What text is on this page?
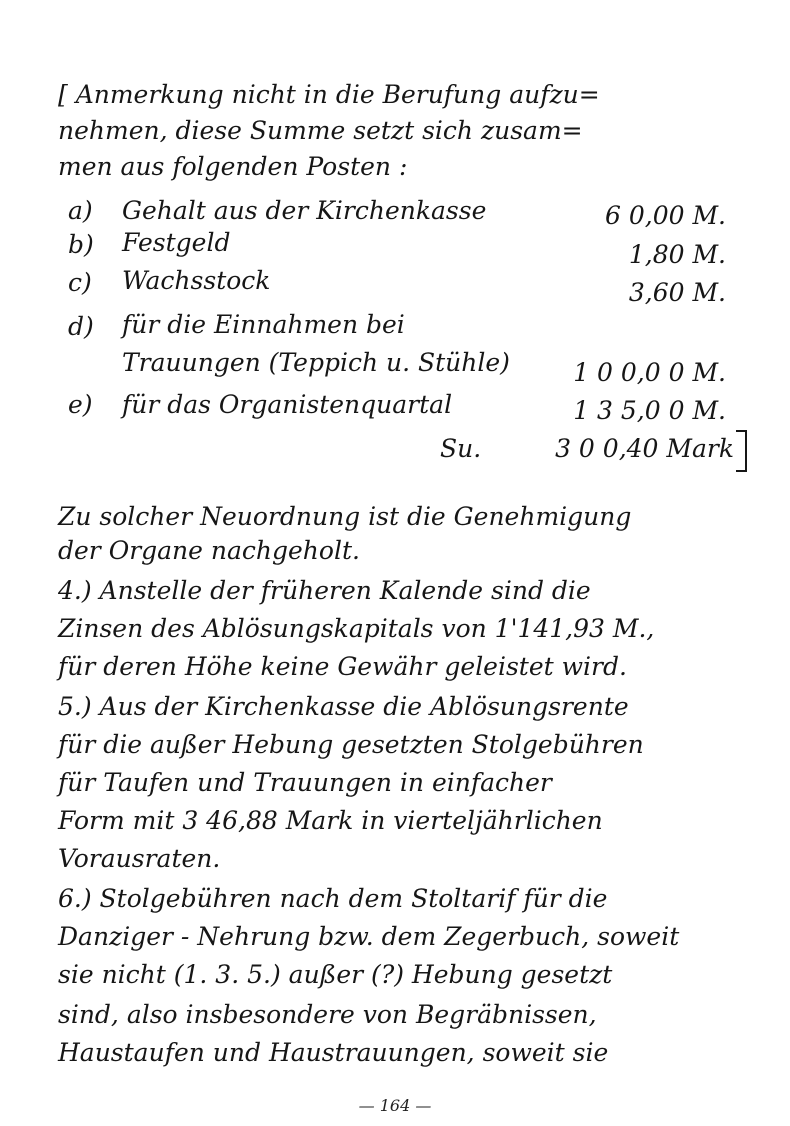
[ Anmerkung nicht in die Berufung aufzu=
nehmen, diese Summe setzt sich zusam=
men aus folgenden Posten :
a) Gehalt aus der Kirchenkasse	6 0,00 M.
b) Festgeld	1,80 M.
c) Wachsstock	3,60 M.
d) für die Einnahmen bei
Trauungen (Teppich u. Stühle)	1 0 0,0 0 M.
e) für das Organistenquartal	1 3 5,0 0 M.
Su.	3 0 0,40 Mark
Zu solcher Neuordnung ist die Genehmigung
der Organe nachgeholt.
4.) Anstelle der früheren Kalende sind die
Zinsen des Ablösungskapitals von 1'141,93 M.,
für deren Höhe keine Gewähr geleistet wird.
5.) Aus der Kirchenkasse die Ablösungsrente
für die außer Hebung gesetzten Stolgebühren
für Taufen und Trauungen in einfacher
Form mit 3 46,88 Mark in vierteljährlichen
Vorausraten.
6.) Stolgebühren nach dem Stoltarif für die
Danziger - Nehrung bzw. dem Zegerbuch, soweit
sie nicht (1. 3. 5.) außer (?) Hebung gesetzt
sind, also insbesondere von Begräbnissen,
Haustaufen und Haustrauungen, soweit sie
— 164 —
